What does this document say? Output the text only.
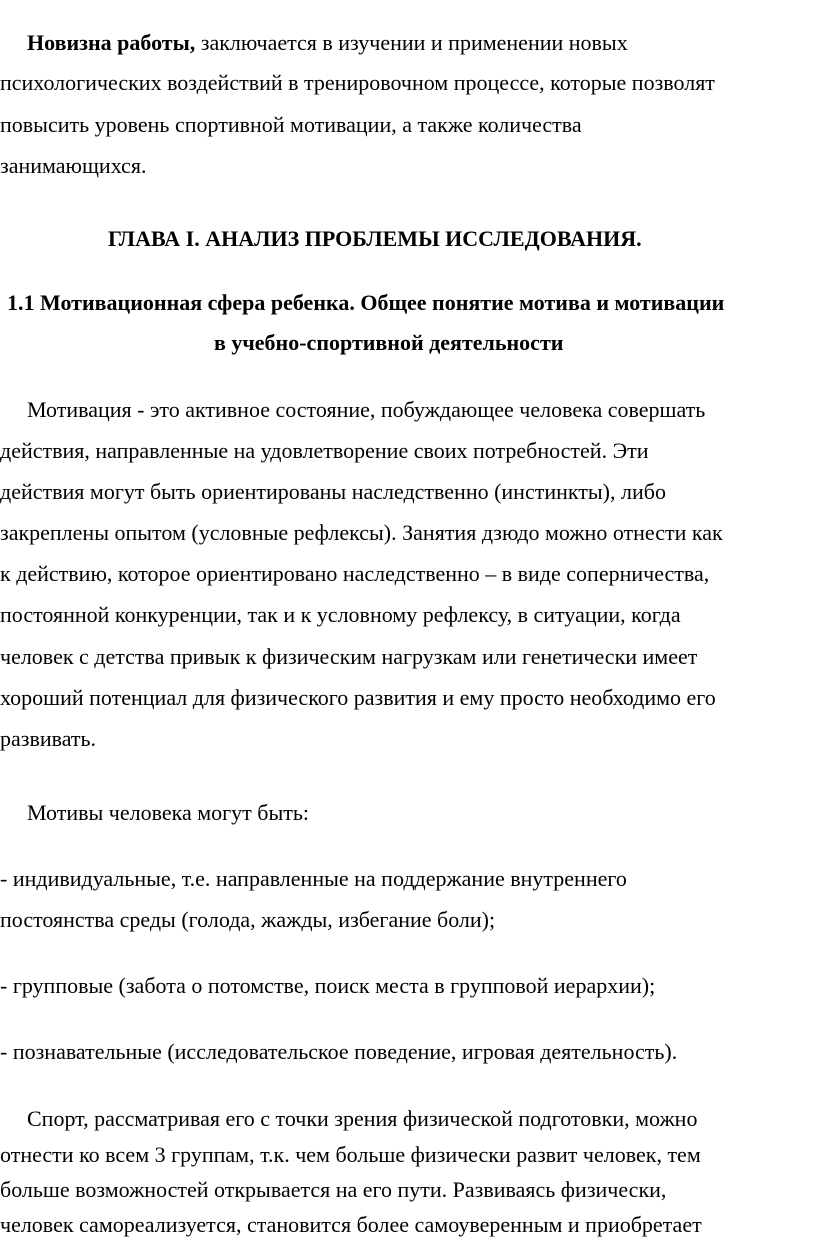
Новизна работы, заключается в изучении и применении новых
психологических воздействий в тренировочном процессе, которые позволят
повысить уровень спортивной мотивации, а также количества
занимающихся.
ГЛАВА I. АНАЛИЗ ПРОБЛЕМЫ ИССЛЕДОВАНИЯ.
1.1 Мотивационная сфера ребенка. Общее понятие мотива и мотивации
в учебно-спортивной деятельности
Мотивация - это активное состояние, побуждающее человека совершать
действия, направленные на удовлетворение своих потребностей. Эти
действия могут быть ориентированы наследственно (инстинкты), либо
закреплены опытом (условные рефлексы). Занятия дзюдо можно отнести как
к действию, которое ориентировано наследственно – в виде соперничества,
постоянной конкуренции, так и к условному рефлексу, в ситуации, когда
человек с детства привык к физическим нагрузкам или генетически имеет
хороший потенциал для физического развития и ему просто необходимо его
развивать.
Мотивы человека могут быть:
- индивидуальные, т.е. направленные на поддержание внутреннего
постоянства среды (голода, жажды, избегание боли);
- групповые (забота о потомстве, поиск места в групповой иерархии);
- познавательные (исследовательское поведение, игровая деятельность).
Спорт, рассматривая его с точки зрения физической подготовки, можно
отнести ко всем 3 группам, т.к. чем больше физически развит человек, тем
больше возможностей открывается на его пути. Развиваясь физически,
человек самореализуется, становится более самоуверенным и приобретает
